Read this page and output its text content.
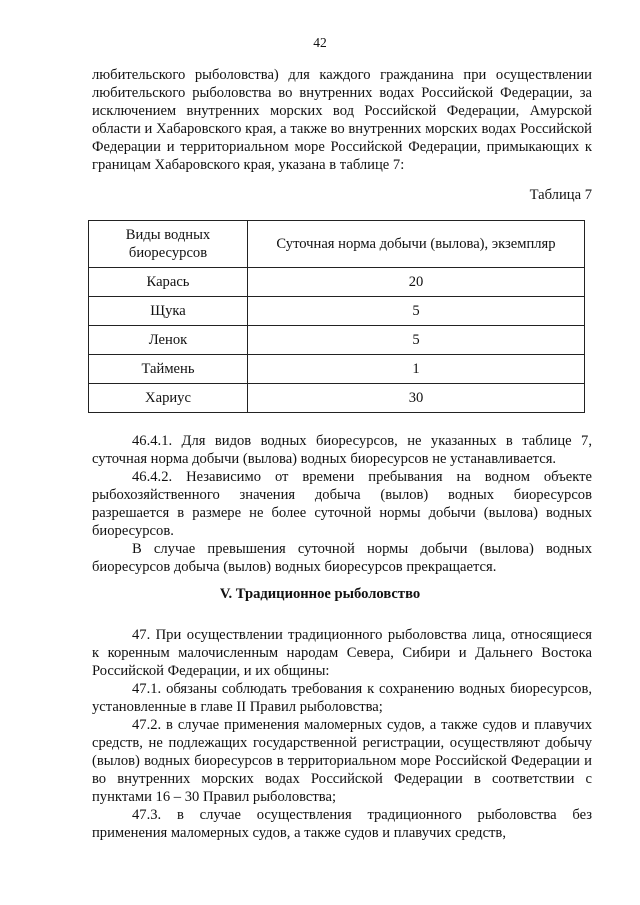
42

любительского рыболовства) для каждого гражданина при осуществлении любительского рыболовства во внутренних водах Российской Федерации, за исключением внутренних морских вод Российской Федерации, Амурской области и Хабаровского края, а также во внутренних морских водах Российской Федерации и территориальном море Российской Федерации, примыкающих к границам Хабаровского края, указана в таблице 7:

Таблица 7
Виды водных биоресурсов	Суточная норма добычи (вылова), экземпляр
Карась	20
Щука	5
Ленок	5
Таймень	1
Хариус	30

46.4.1. Для видов водных биоресурсов, не указанных в таблице 7, суточная норма добычи (вылова) водных биоресурсов не устанавливается.

46.4.2. Независимо от времени пребывания на водном объекте рыбохозяйственного значения добыча (вылов) водных биоресурсов разрешается в размере не более суточной нормы добычи (вылова) водных биоресурсов.

В случае превышения суточной нормы добычи (вылова) водных биоресурсов добыча (вылов) водных биоресурсов прекращается.

V. Традиционное рыболовство

47. При осуществлении традиционного рыболовства лица, относящиеся к коренным малочисленным народам Севера, Сибири и Дальнего Востока Российской Федерации, и их общины:

47.1. обязаны соблюдать требования к сохранению водных биоресурсов, установленные в главе II Правил рыболовства;

47.2. в случае применения маломерных судов, а также судов и плавучих средств, не подлежащих государственной регистрации, осуществляют добычу (вылов) водных биоресурсов в территориальном море Российской Федерации и во внутренних морских водах Российской Федерации в соответствии с пунктами 16 – 30 Правил рыболовства;

47.3. в случае осуществления традиционного рыболовства без применения маломерных судов, а также судов и плавучих средств,
